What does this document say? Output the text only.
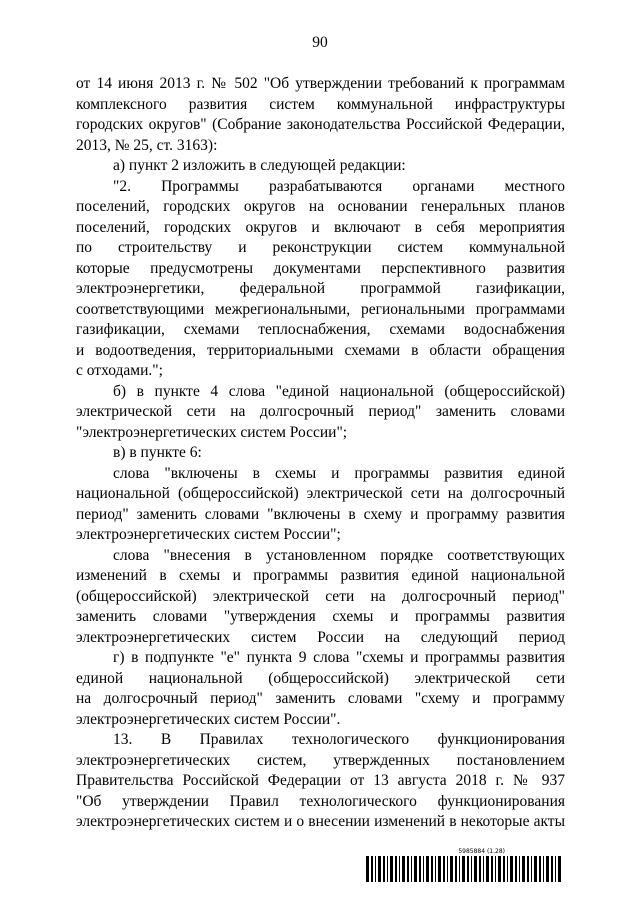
90
от 14 июня 2013 г. № 502 "Об утверждении требований к программам
комплексного развития систем коммунальной инфраструктуры
городских округов" (Собрание законодательства Российской Федерации,
2013, № 25, ст. 3163):
а) пункт 2 изложить в следующей редакции:
"2. Программы разрабатываются органами местного
поселений, городских округов на основании генеральных планов
поселений, городских округов и включают в себя мероприятия
по строительству и реконструкции систем коммунальной
которые предусмотрены документами перспективного развития
электроэнергетики, федеральной программой газификации,
соответствующими межрегиональными, региональными программами
газификации, схемами теплоснабжения, схемами водоснабжения
и водоотведения, территориальными схемами в области обращения
с отходами.";
б) в пункте 4 слова "единой национальной (общероссийской)
электрической сети на долгосрочный период" заменить словами
"электроэнергетических систем России";
в) в пункте 6:
слова "включены в схемы и программы развития единой
национальной (общероссийской) электрической сети на долгосрочный
период" заменить словами "включены в схему и программу развития
электроэнергетических систем России";
слова "внесения в установленном порядке соответствующих
изменений в схемы и программы развития единой национальной
(общероссийской) электрической сети на долгосрочный период"
заменить словами "утверждения схемы и программы развития
электроэнергетических систем России на следующий период
г) в подпункте "е" пункта 9 слова "схемы и программы развития
единой национальной (общероссийской) электрической сети
на долгосрочный период" заменить словами "схему и программу
электроэнергетических систем России".
13. В Правилах технологического функционирования
электроэнергетических систем, утвержденных постановлением
Правительства Российской Федерации от 13 августа 2018 г. № 937
"Об утверждении Правил технологического функционирования
электроэнергетических систем и о внесении изменений в некоторые акты
5985884 (1.28)
